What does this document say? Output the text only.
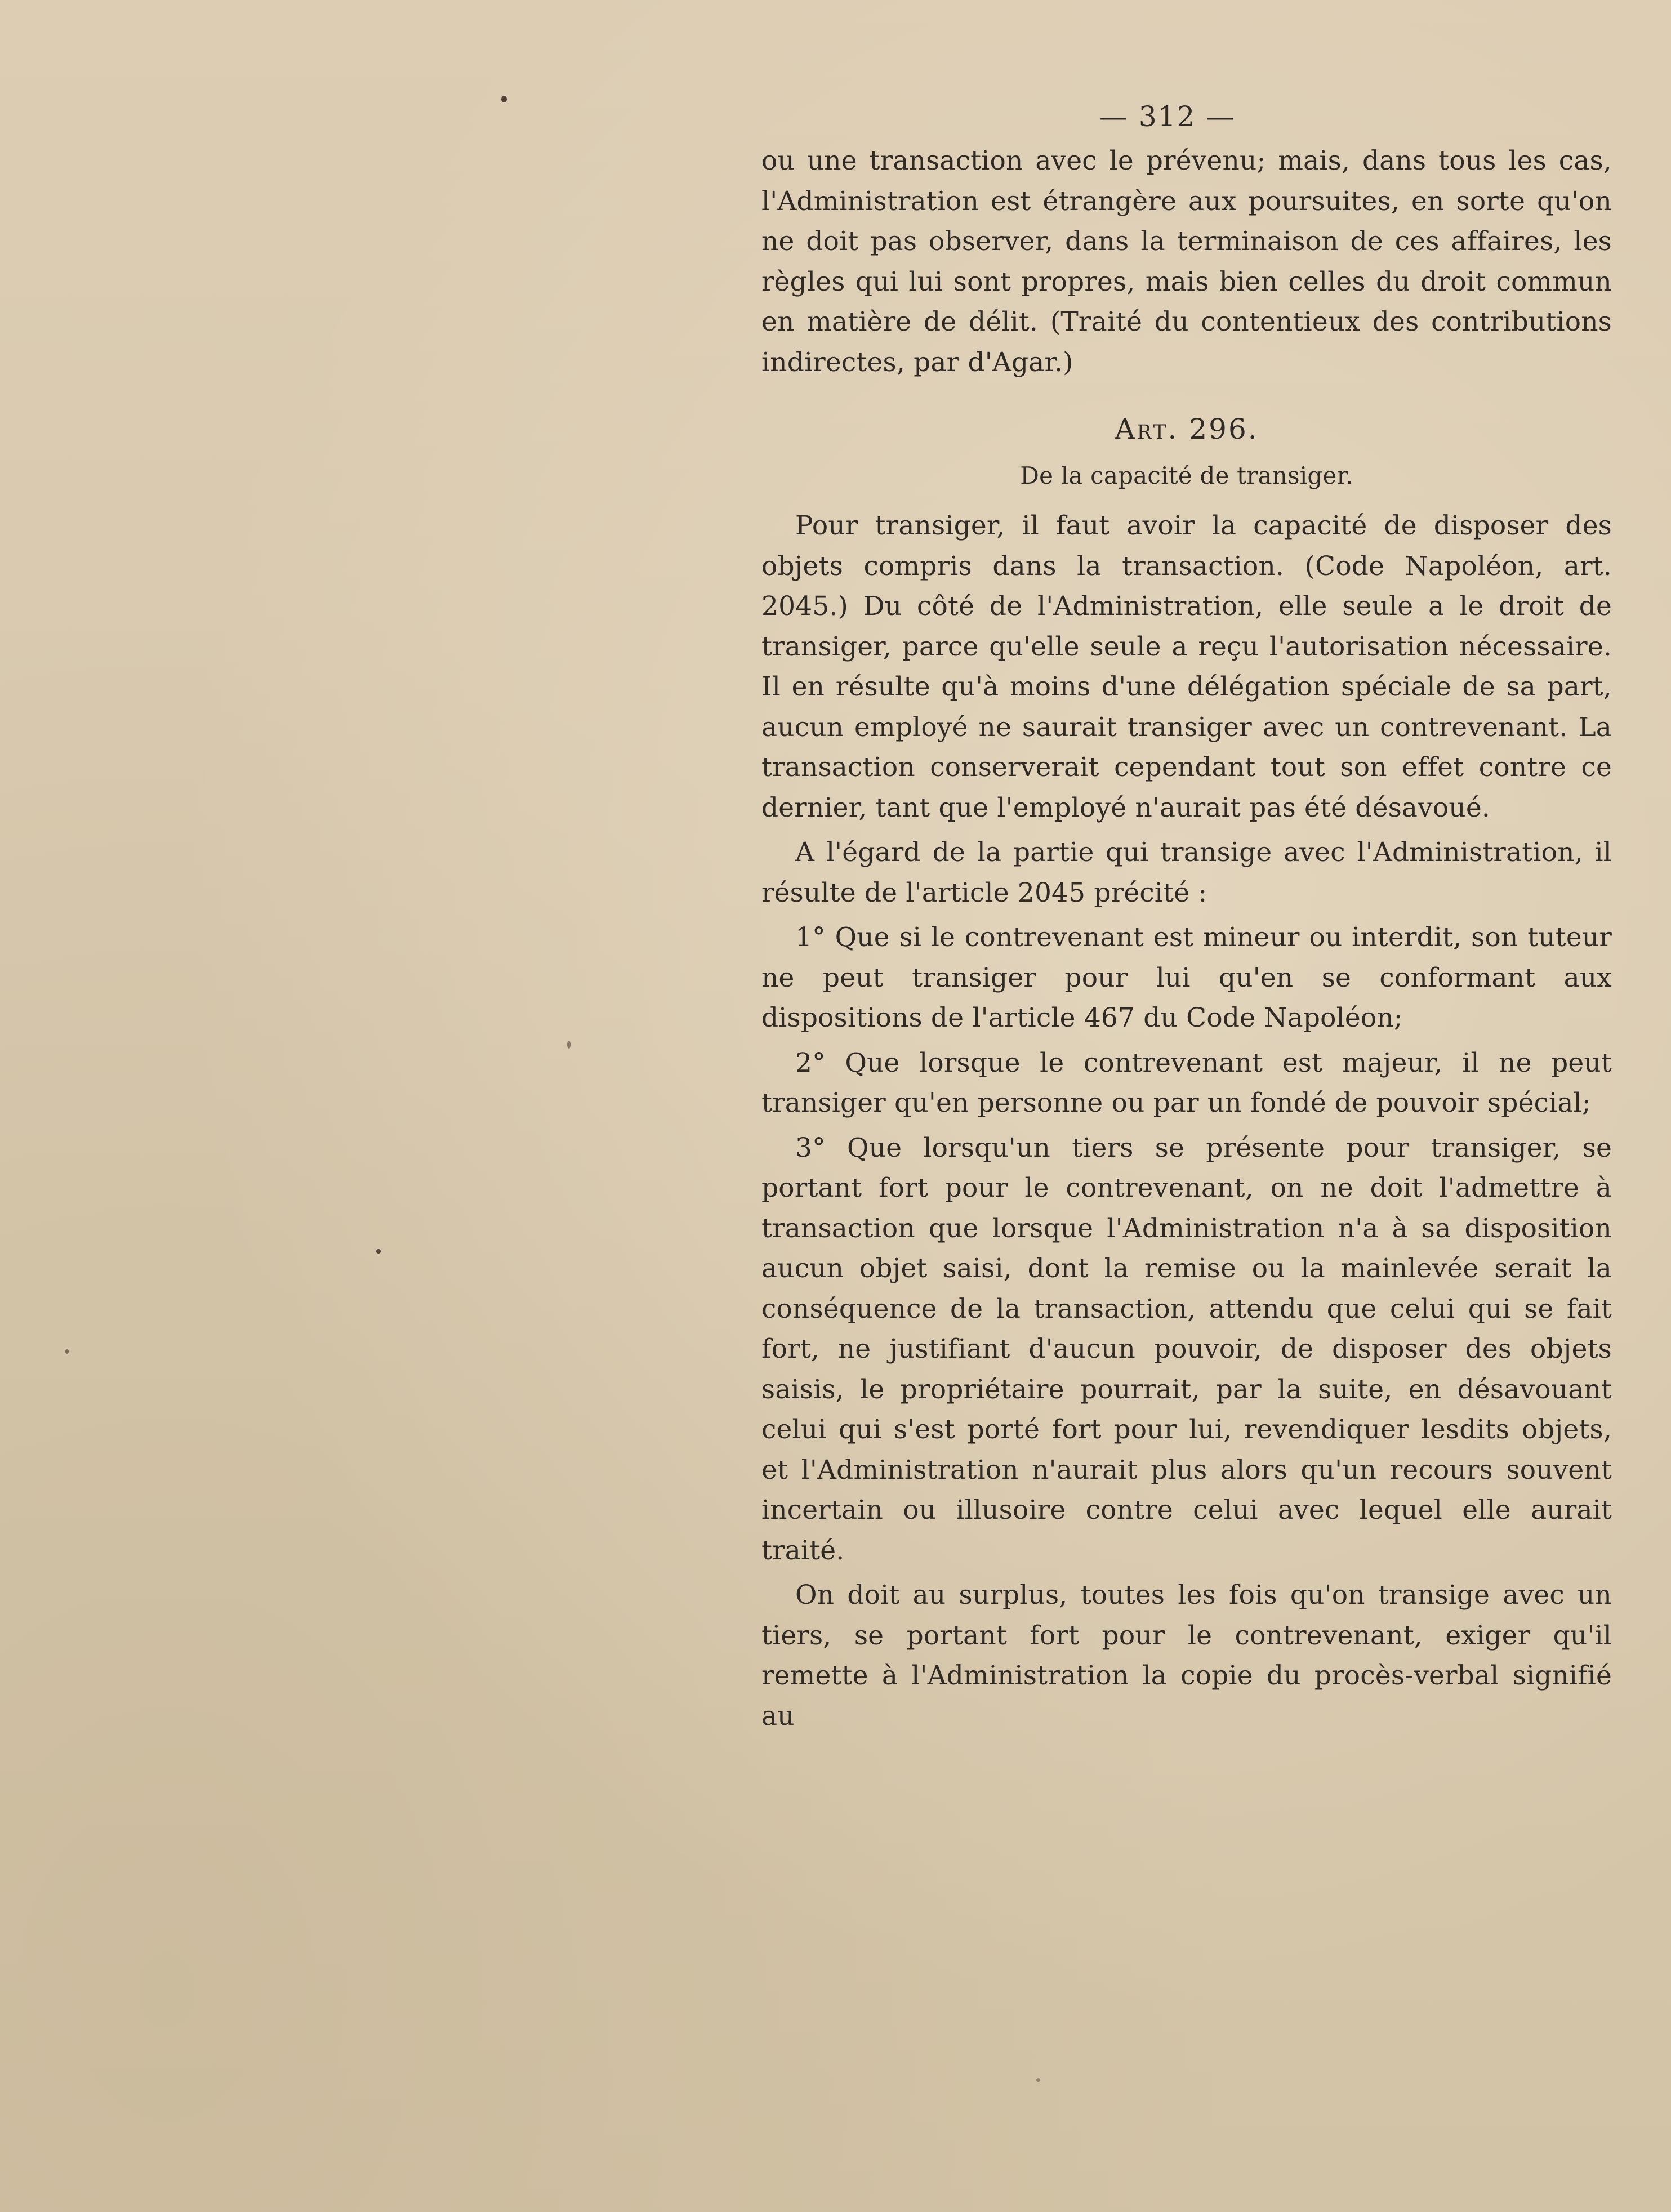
— 312 —

ou une transaction avec le prévenu; mais, dans tous les cas, l'Administration est étrangère aux poursuites, en sorte qu'on ne doit pas observer, dans la terminaison de ces affaires, les règles qui lui sont propres, mais bien celles du droit commun en matière de délit. (Traité du contentieux des contributions indirectes, par d'Agar.)

Art. 296.
De la capacité de transiger.

Pour transiger, il faut avoir la capacité de disposer des objets compris dans la transaction. (Code Napoléon, art. 2045.) Du côté de l'Administration, elle seule a le droit de transiger, parce qu'elle seule a reçu l'autorisation nécessaire. Il en résulte qu'à moins d'une délégation spéciale de sa part, aucun employé ne saurait transiger avec un contrevenant. La transaction conserverait cependant tout son effet contre ce dernier, tant que l'employé n'aurait pas été désavoué.

A l'égard de la partie qui transige avec l'Administration, il résulte de l'article 2045 précité :

1° Que si le contrevenant est mineur ou interdit, son tuteur ne peut transiger pour lui qu'en se conformant aux dispositions de l'article 467 du Code Napoléon;

2° Que lorsque le contrevenant est majeur, il ne peut transiger qu'en personne ou par un fondé de pouvoir spécial;

3° Que lorsqu'un tiers se présente pour transiger, se portant fort pour le contrevenant, on ne doit l'admettre à transaction que lorsque l'Administration n'a à sa disposition aucun objet saisi, dont la remise ou la mainlevée serait la conséquence de la transaction, attendu que celui qui se fait fort, ne justifiant d'aucun pouvoir, de disposer des objets saisis, le propriétaire pourrait, par la suite, en désavouant celui qui s'est porté fort pour lui, revendiquer lesdits objets, et l'Administration n'aurait plus alors qu'un recours souvent incertain ou illusoire contre celui avec lequel elle aurait traité.

On doit au surplus, toutes les fois qu'on transige avec un tiers, se portant fort pour le contrevenant, exiger qu'il remette à l'Administration la copie du procès-verbal signifié au
